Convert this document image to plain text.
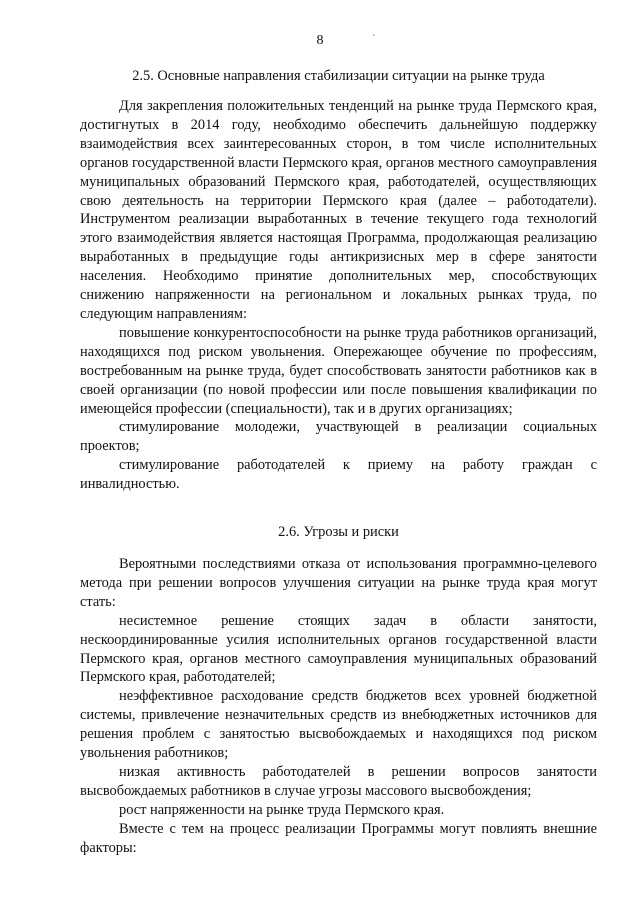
8	ˋ

2.5. Основные направления стабилизации ситуации на рынке труда

Для закрепления положительных тенденций на рынке труда Пермского края, достигнутых в 2014 году, необходимо обеспечить дальнейшую поддержку взаимодействия всех заинтересованных сторон, в том числе исполнительных органов государственной власти Пермского края, органов местного самоуправления муниципальных образований Пермского края, работодателей, осуществляющих свою деятельность на территории Пермского края (далее – работодатели). Инструментом реализации выработанных в течение текущего года технологий этого взаимодействия является настоящая Программа, продолжающая реализацию выработанных в предыдущие годы антикризисных мер в сфере занятости населения. Необходимо принятие дополнительных мер, способствующих снижению напряженности на региональном и локальных рынках труда, по следующим направлениям:

повышение конкурентоспособности на рынке труда работников организаций, находящихся под риском увольнения. Опережающее обучение по профессиям, востребованным на рынке труда, будет способствовать занятости работников как в своей организации (по новой профессии или после повышения квалификации по имеющейся профессии (специальности), так и в других организациях;

стимулирование молодежи, участвующей в реализации социальных проектов;

стимулирование работодателей к приему на работу граждан с инвалидностью.

2.6. Угрозы и риски

Вероятными последствиями отказа от использования программно-целевого метода при решении вопросов улучшения ситуации на рынке труда края могут стать:

несистемное решение стоящих задач в области занятости, нескоординированные усилия исполнительных органов государственной власти Пермского края, органов местного самоуправления муниципальных образований Пермского края, работодателей;

неэффективное расходование средств бюджетов всех уровней бюджетной системы, привлечение незначительных средств из внебюджетных источников для решения проблем с занятостью высвобождаемых и находящихся под риском увольнения работников;

низкая активность работодателей в решении вопросов занятости высвобождаемых работников в случае угрозы массового высвобождения;

рост напряженности на рынке труда Пермского края.

Вместе с тем на процесс реализации Программы могут повлиять внешние факторы:
